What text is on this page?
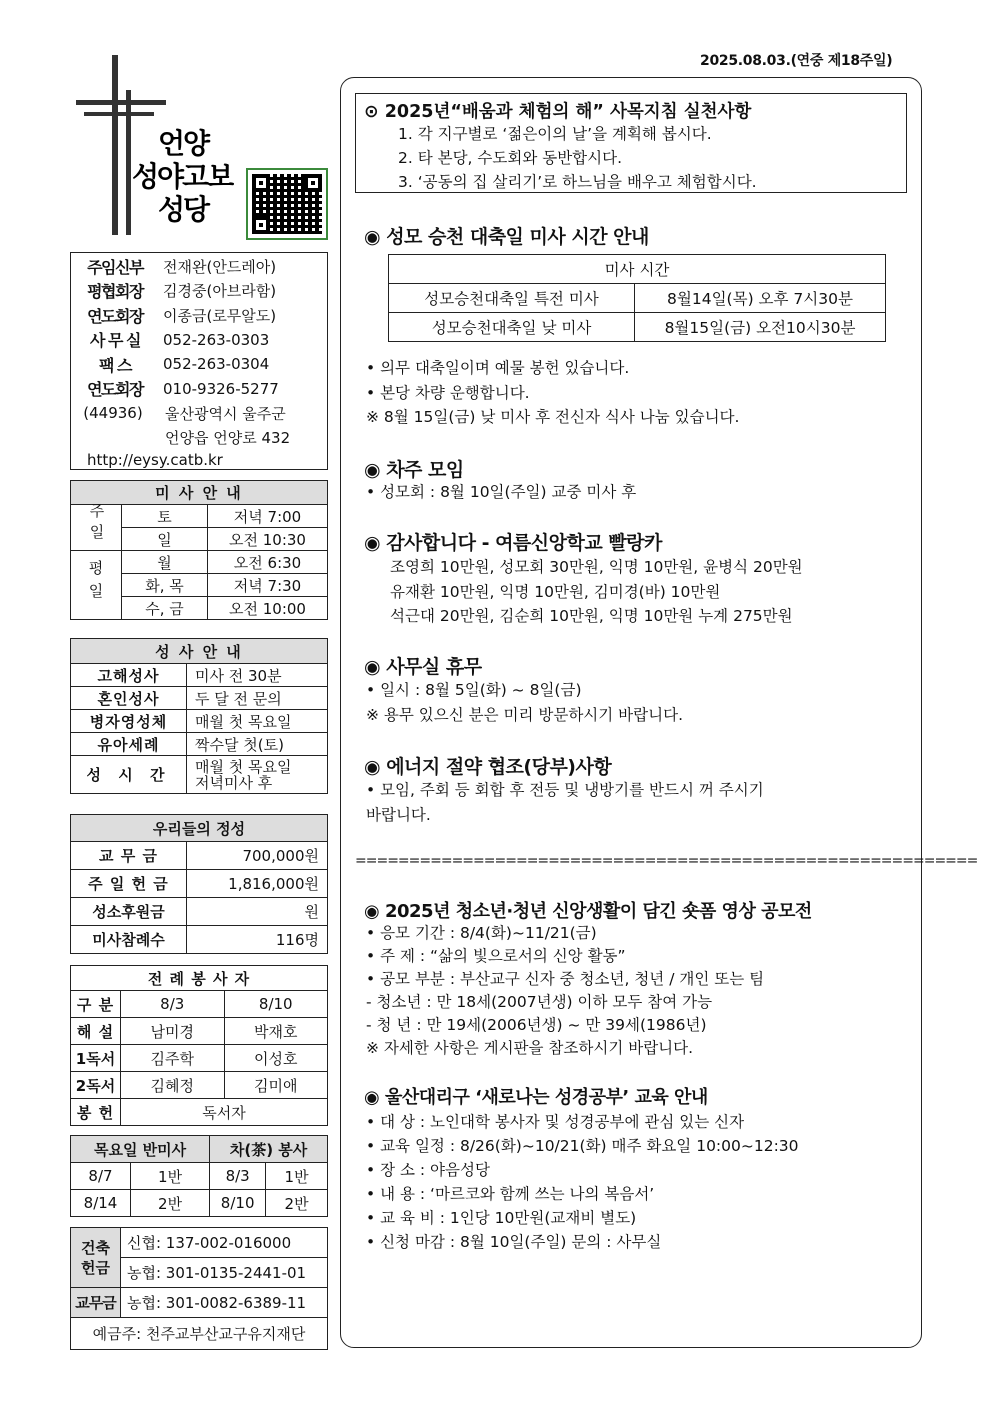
2025.08.03.(연중 제18주일)
언양
성야고보
성당
주임신부	전재완(안드레아)
평협회장	김경중(아브라함)
연도회장	이종금(로무알도)
사 무 실	052-263-0303
팩 스	052-263-0304
연도회장	010-9326-5277
(44936)	울산광역시 울주군
언양읍 언양로 432
http://eysy.catb.kr
미 사 안 내		
주일	토	저녁 7:00
	일	오전 10:30
평일	월	오전 6:30
	화, 목	저녁 7:30
	수, 금	오전 10:00
성 사 안 내	
고해성사	미사 전 30분
혼인성사	두 달 전 문의
병자영성체	매월 첫 목요일
유아세례	짝수달 첫(토)
성 시 간	매월 첫 목요일
저녁미사 후
우리들의 정성	
교 무 금	700,000원
주 일 헌 금	1,816,000원
성소후원금	원
미사참례수	116명
전 례 봉 사 자		
구 분	8/3	8/10
해 설	남미경	박재호
1독서	김주학	이성호
2독서	김혜정	김미애
봉 헌	독서자	
목요일 반미사		차(茶) 봉사	
8/7	1반	8/3	1반
8/14	2반	8/10	2반
건축헌금	신협: 137-002-016000
	농협: 301-0135-2441-01
교무금	농협: 301-0082-6389-11
예금주: 천주교부산교구유지재단	
⊙ 2025년“배움과 체험의 해” 사목지침 실천사항
1. 각 지구별로 ‘젊은이의 날’을 계획해 봅시다.
2. 타 본당, 수도회와 동반합시다.
3. ‘공동의 집 살리기’로 하느님을 배우고 체험합시다.
◉ 성모 승천 대축일 미사 시간 안내
미사 시간	
성모승천대축일 특전 미사	8월14일(목) 오후 7시30분
성모승천대축일 낮 미사	8월15일(금) 오전10시30분
• 의무 대축일이며 예물 봉헌 있습니다.
• 본당 차량 운행합니다.
※ 8월 15일(금) 낮 미사 후 전신자 식사 나눔 있습니다.
◉ 차주 모임
• 성모회 : 8월 10일(주일) 교중 미사 후
◉ 감사합니다 - 여름신앙학교 빨랑카
조영희 10만원, 성모회 30만원, 익명 10만원, 윤병식 20만원
유재환 10만원, 익명 10만원, 김미경(바) 10만원
석근대 20만원, 김순희 10만원, 익명 10만원 누계 275만원
◉ 사무실 휴무
• 일시 : 8월 5일(화) ~ 8일(금)
※ 용무 있으신 분은 미리 방문하시기 바랍니다.
◉ 에너지 절약 협조(당부)사항
• 모임, 주회 등 회합 후 전등 및 냉방기를 반드시 꺼 주시기
바랍니다.
==========================================================
◉ 2025년 청소년·청년 신앙생활이 담긴 숏폼 영상 공모전
• 응모 기간 : 8/4(화)~11/21(금)
• 주 제 : “삶의 빛으로서의 신앙 활동”
• 공모 부분 : 부산교구 신자 중 청소년, 청년 / 개인 또는 팀
- 청소년 : 만 18세(2007년생) 이하 모두 참여 가능
- 청 년 : 만 19세(2006년생) ~ 만 39세(1986년)
※ 자세한 사항은 게시판을 참조하시기 바랍니다.
◉ 울산대리구 ‘새로나는 성경공부’ 교육 안내
• 대 상 : 노인대학 봉사자 및 성경공부에 관심 있는 신자
• 교육 일정 : 8/26(화)~10/21(화) 매주 화요일 10:00~12:30
• 장 소 : 야음성당
• 내 용 : ‘마르코와 함께 쓰는 나의 복음서’
• 교 육 비 : 1인당 10만원(교재비 별도)
• 신청 마감 : 8월 10일(주일) 문의 : 사무실
